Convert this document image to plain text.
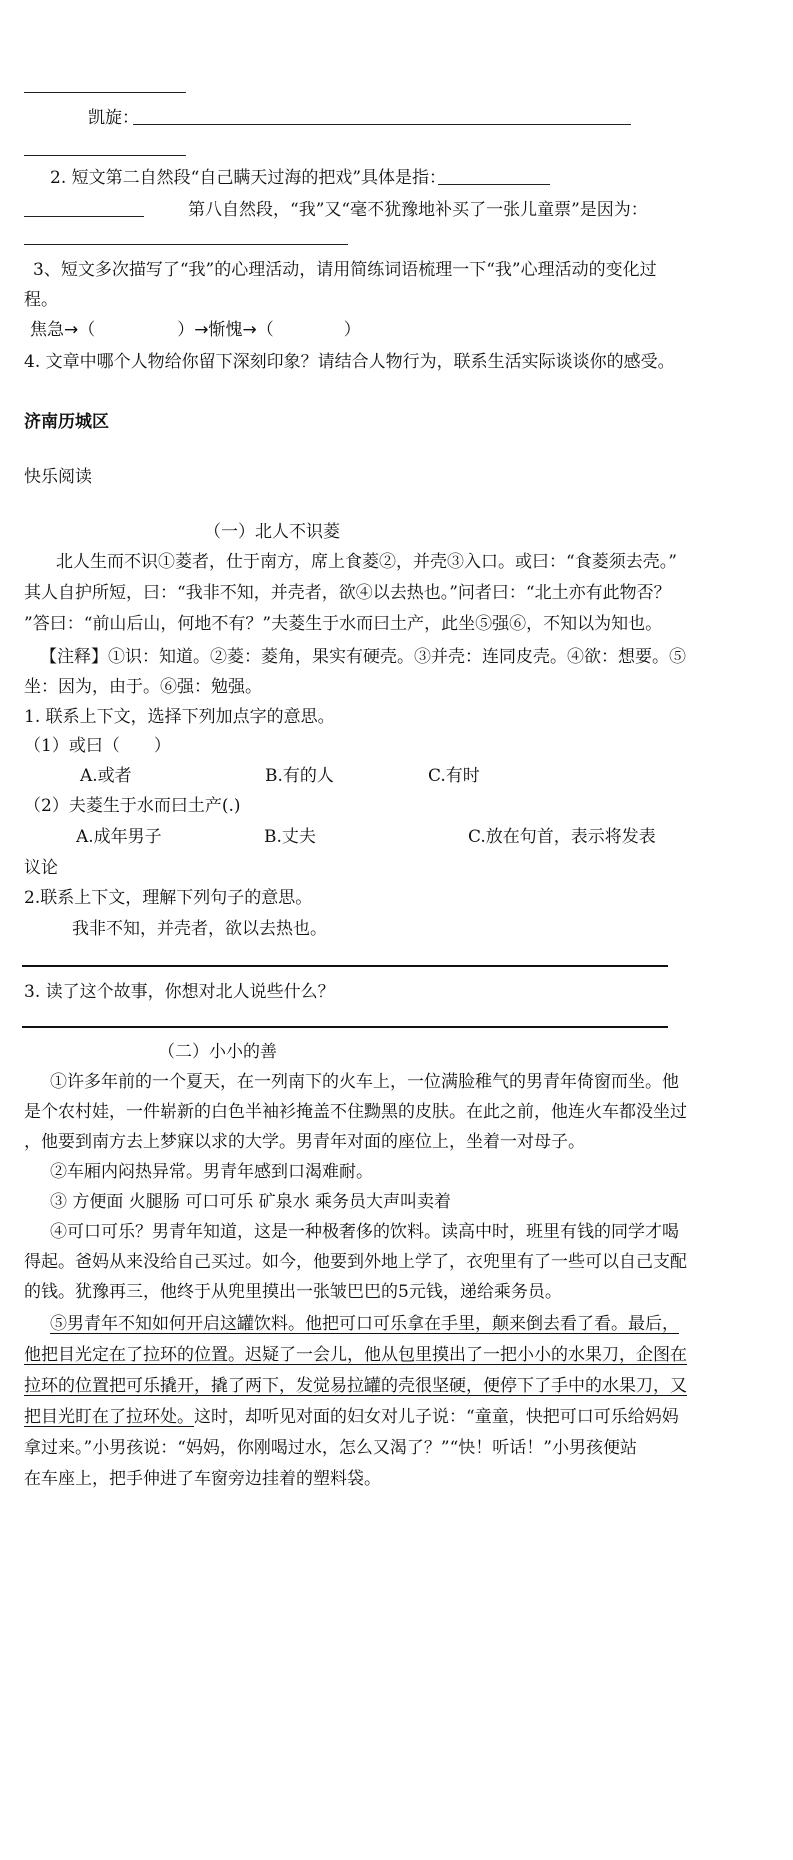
凯旋：
2. 短文第二自然段“自己瞒天过海的把戏”具体是指：
第八自然段，“我”又“毫不犹豫地补买了一张儿童票”是因为：
3、短文多次描写了“我”的心理活动，请用简练词语梳理一下“我”心理活动的变化过
程。
焦急→（	）→惭愧→（	）
4. 文章中哪个人物给你留下深刻印象？请结合人物行为，联系生活实际谈谈你的感受。
济南历城区
快乐阅读
（一）北人不识菱
北人生而不识①菱者，仕于南方，席上食菱②，并壳③入口。或曰：“食菱须去壳。”
其人自护所短，曰：“我非不知，并壳者，欲④以去热也。”问者曰：“北土亦有此物否？
”答曰：“前山后山，何地不有？”夫菱生于水而曰土产，此坐⑤强⑥，不知以为知也。
【注释】①识：知道。②菱：菱角，果实有硬壳。③并壳：连同皮壳。④欲：想要。⑤
坐：因为，由于。⑥强：勉强。
1. 联系上下文，选择下列加点字的意思。
（1）或曰（　　）
A.或者	B.有的人	C.有时
（2）夫菱生于水而曰土产(.)
A.成年男子	B.丈夫	C.放在句首，表示将发表
议论
2.联系上下文，理解下列句子的意思。
我非不知，并壳者，欲以去热也。
3. 读了这个故事，你想对北人说些什么？
（二）小小的善
①许多年前的一个夏天，在一列南下的火车上，一位满脸稚气的男青年倚窗而坐。他
是个农村娃，一件崭新的白色半袖衫掩盖不住黝黑的皮肤。在此之前，他连火车都没坐过
，他要到南方去上梦寐以求的大学。男青年对面的座位上，坐着一对母子。
②车厢内闷热异常。男青年感到口渴难耐。
③ 方便面 火腿肠 可口可乐 矿泉水 乘务员大声叫卖着
④可口可乐？男青年知道，这是一种极奢侈的饮料。读高中时，班里有钱的同学才喝
得起。爸妈从来没给自己买过。如今，他要到外地上学了，衣兜里有了一些可以自己支配
的钱。犹豫再三，他终于从兜里摸出一张皱巴巴的5元钱，递给乘务员。
⑤男青年不知如何开启这罐饮料。他把可口可乐拿在手里，颠来倒去看了看。最后，
他把目光定在了拉环的位置。迟疑了一会儿，他从包里摸出了一把小小的水果刀，企图在
拉环的位置把可乐撬开，撬了两下，发觉易拉罐的壳很坚硬，便停下了手中的水果刀，又
把目光盯在了拉环处。这时，却听见对面的妇女对儿子说：“童童，快把可口可乐给妈妈
拿过来。”小男孩说：“妈妈，你刚喝过水，怎么又渴了？”“快！听话！”小男孩便站
在车座上，把手伸进了车窗旁边挂着的塑料袋。
